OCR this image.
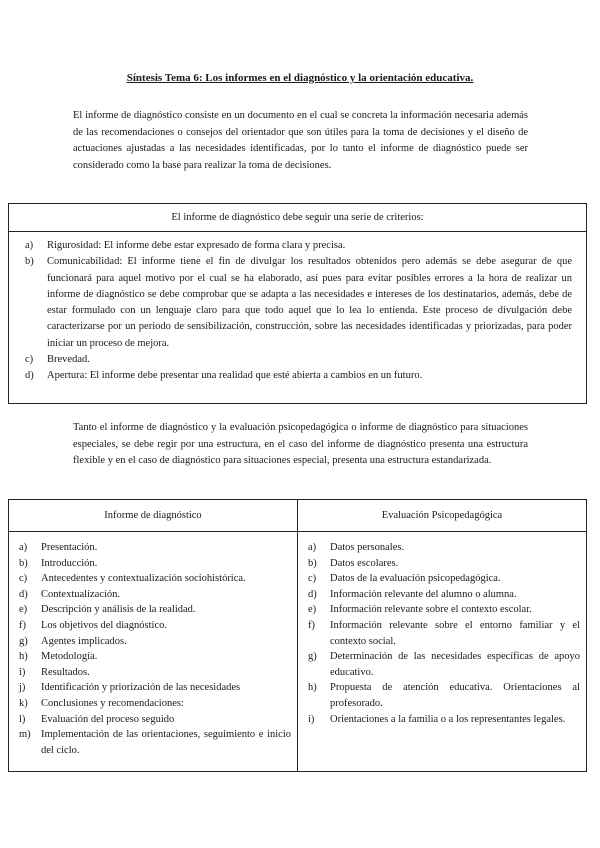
Síntesis Tema 6: Los informes en el diagnóstico y la orientación educativa.

El informe de diagnóstico consiste en un documento en el cual se concreta la información necesaria además de las recomendaciones o consejos del orientador que son útiles para la toma de decisiones y el diseño de actuaciones ajustadas a las necesidades identificadas, por lo tanto el informe de diagnóstico puede ser considerado como la base para realizar la toma de decisiones.

El informe de diagnóstico debe seguir una serie de criterios:
a) Rigurosidad: El informe debe estar expresado de forma clara y precisa.
b) Comunicabilidad: El informe tiene el fin de divulgar los resultados obtenidos pero además se debe asegurar de que funcionará para aquel motivo por el cual se ha elaborado, así pues para evitar posibles errores a la hora de realizar un informe de diagnóstico se debe comprobar que se adapta a las necesidades e intereses de los destinatarios, además, debe de estar formulado con un lenguaje claro para que todo aquel que lo lea lo entienda. Este proceso de divulgación debe caracterizarse por un periodo de sensibilización, construcción, sobre las necesidades identificadas y priorizadas, para poder iniciar un proceso de mejora.
c) Brevedad.
d) Apertura: El informe debe presentar una realidad que esté abierta a cambios en un futuro.

Tanto el informe de diagnóstico y la evaluación psicopedagógica o informe de diagnóstico para situaciones especiales, se debe regir por una estructura, en el caso del informe de diagnóstico presenta una estructura flexible y en el caso de diagnóstico para situaciones especial, presenta una estructura estandarizada.

Informe de diagnóstico
a) Presentación.
b) Introducción.
c) Antecedentes y contextualización sociohistórica.
d) Contextualización.
e) Descripción y análisis de la realidad.
f) Los objetivos del diagnóstico.
g) Agentes implicados.
h) Metodología.
i) Resultados.
j) Identificación y priorización de las necesidades
k) Conclusiones y recomendaciones:
l) Evaluación del proceso seguido
m) Implementación de las orientaciones, seguimiento e inicio del ciclo.
Evaluación Psicopedagógica
a) Datos personales.
b) Datos escolares.
c) Datos de la evaluación psicopedagógica.
d) Información relevante del alumno o alumna.
e) Información relevante sobre el contexto escolar.
f) Información relevante sobre el entorno familiar y el contexto social.
g) Determinación de las necesidades específicas de apoyo educativo.
h) Propuesta de atención educativa. Orientaciones al profesorado.
i) Orientaciones a la familia o a los representantes legales.
